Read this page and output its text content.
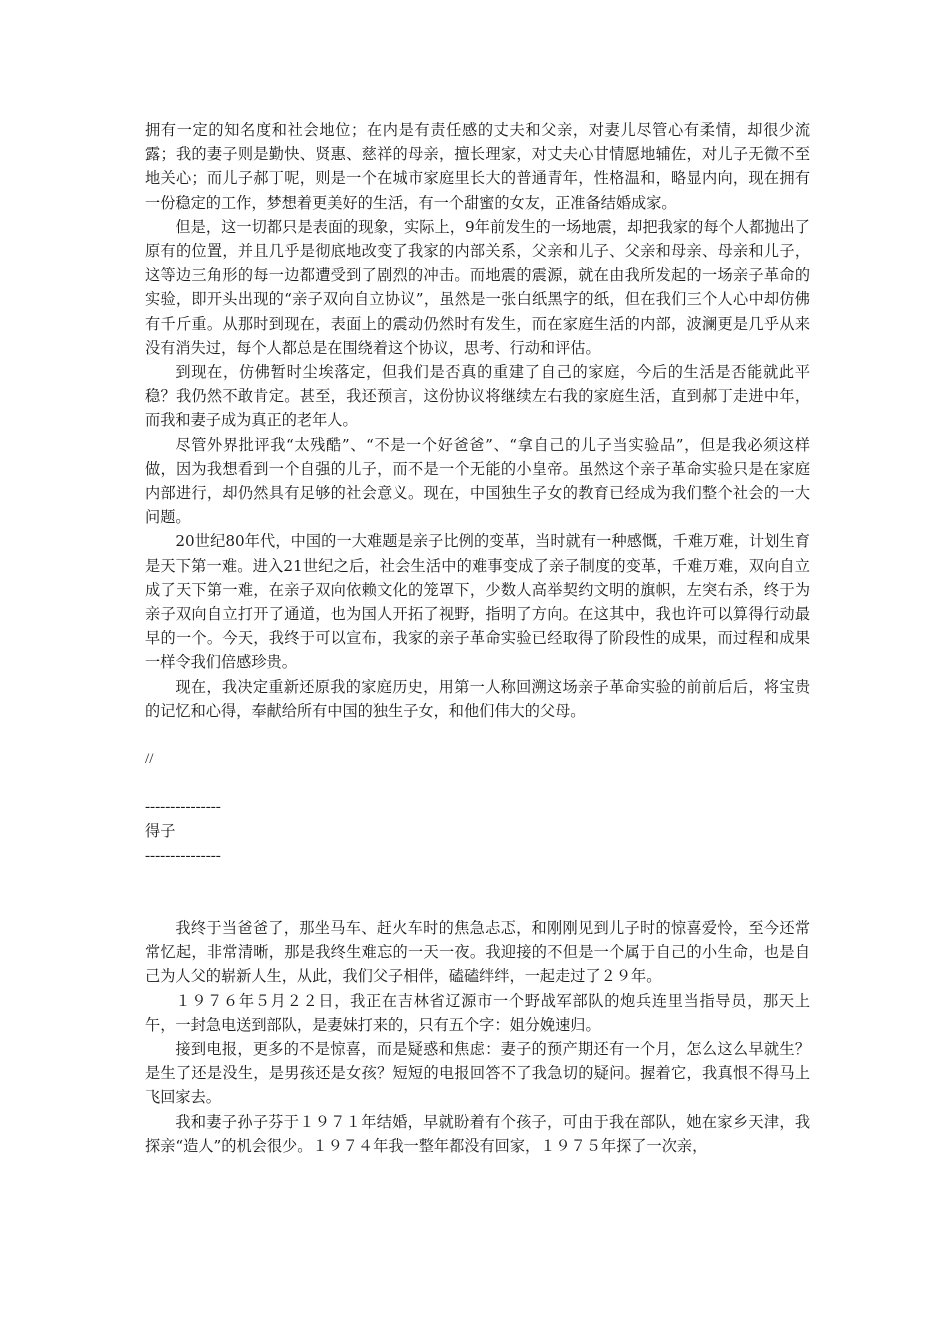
拥有一定的知名度和社会地位；在内是有责任感的丈夫和父亲，对妻儿尽管心有柔情，却很少流露；我的妻子则是勤快、贤惠、慈祥的母亲，擅长理家，对丈夫心甘情愿地辅佐，对儿子无微不至地关心；而儿子郝丁呢，则是一个在城市家庭里长大的普通青年，性格温和，略显内向，现在拥有一份稳定的工作，梦想着更美好的生活，有一个甜蜜的女友，正准备结婚成家。

但是，这一切都只是表面的现象，实际上，9年前发生的一场地震，却把我家的每个人都抛出了原有的位置，并且几乎是彻底地改变了我家的内部关系，父亲和儿子、父亲和母亲、母亲和儿子，这等边三角形的每一边都遭受到了剧烈的冲击。而地震的震源，就在由我所发起的一场亲子革命的实验，即开头出现的“亲子双向自立协议”，虽然是一张白纸黑字的纸，但在我们三个人心中却仿佛有千斤重。从那时到现在，表面上的震动仍然时有发生，而在家庭生活的内部，波澜更是几乎从来没有消失过，每个人都总是在围绕着这个协议，思考、行动和评估。

到现在，仿佛暂时尘埃落定，但我们是否真的重建了自己的家庭，今后的生活是否能就此平稳？我仍然不敢肯定。甚至，我还预言，这份协议将继续左右我的家庭生活，直到郝丁走进中年，而我和妻子成为真正的老年人。

尽管外界批评我“太残酷”、“不是一个好爸爸”、“拿自己的儿子当实验品”，但是我必须这样做，因为我想看到一个自强的儿子，而不是一个无能的小皇帝。虽然这个亲子革命实验只是在家庭内部进行，却仍然具有足够的社会意义。现在，中国独生子女的教育已经成为我们整个社会的一大问题。

20世纪80年代，中国的一大难题是亲子比例的变革，当时就有一种感慨，千难万难，计划生育是天下第一难。进入21世纪之后，社会生活中的难事变成了亲子制度的变革，千难万难，双向自立成了天下第一难，在亲子双向依赖文化的笼罩下，少数人高举契约文明的旗帜，左突右杀，终于为亲子双向自立打开了通道，也为国人开拓了视野，指明了方向。在这其中，我也许可以算得行动最早的一个。今天，我终于可以宣布，我家的亲子革命实验已经取得了阶段性的成果，而过程和成果一样令我们倍感珍贵。

现在，我决定重新还原我的家庭历史，用第一人称回溯这场亲子革命实验的前前后后，将宝贵的记忆和心得，奉献给所有中国的独生子女，和他们伟大的父母。

//

---------------

得子

---------------

我终于当爸爸了，那坐马车、赶火车时的焦急忐忑，和刚刚见到儿子时的惊喜爱怜，至今还常常忆起，非常清晰，那是我终生难忘的一天一夜。我迎接的不但是一个属于自己的小生命，也是自己为人父的崭新人生，从此，我们父子相伴，磕磕绊绊，一起走过了２９年。

１９７６年５月２２日，我正在吉林省辽源市一个野战军部队的炮兵连里当指导员，那天上午，一封急电送到部队，是妻妹打来的，只有五个字：姐分娩速归。

接到电报，更多的不是惊喜，而是疑惑和焦虑：妻子的预产期还有一个月，怎么这么早就生？是生了还是没生，是男孩还是女孩？短短的电报回答不了我急切的疑问。握着它，我真恨不得马上飞回家去。

我和妻子孙子芬于１９７１年结婚，早就盼着有个孩子，可由于我在部队，她在家乡天津，我探亲“造人”的机会很少。１９７４年我一整年都没有回家，１９７５年探了一次亲，
